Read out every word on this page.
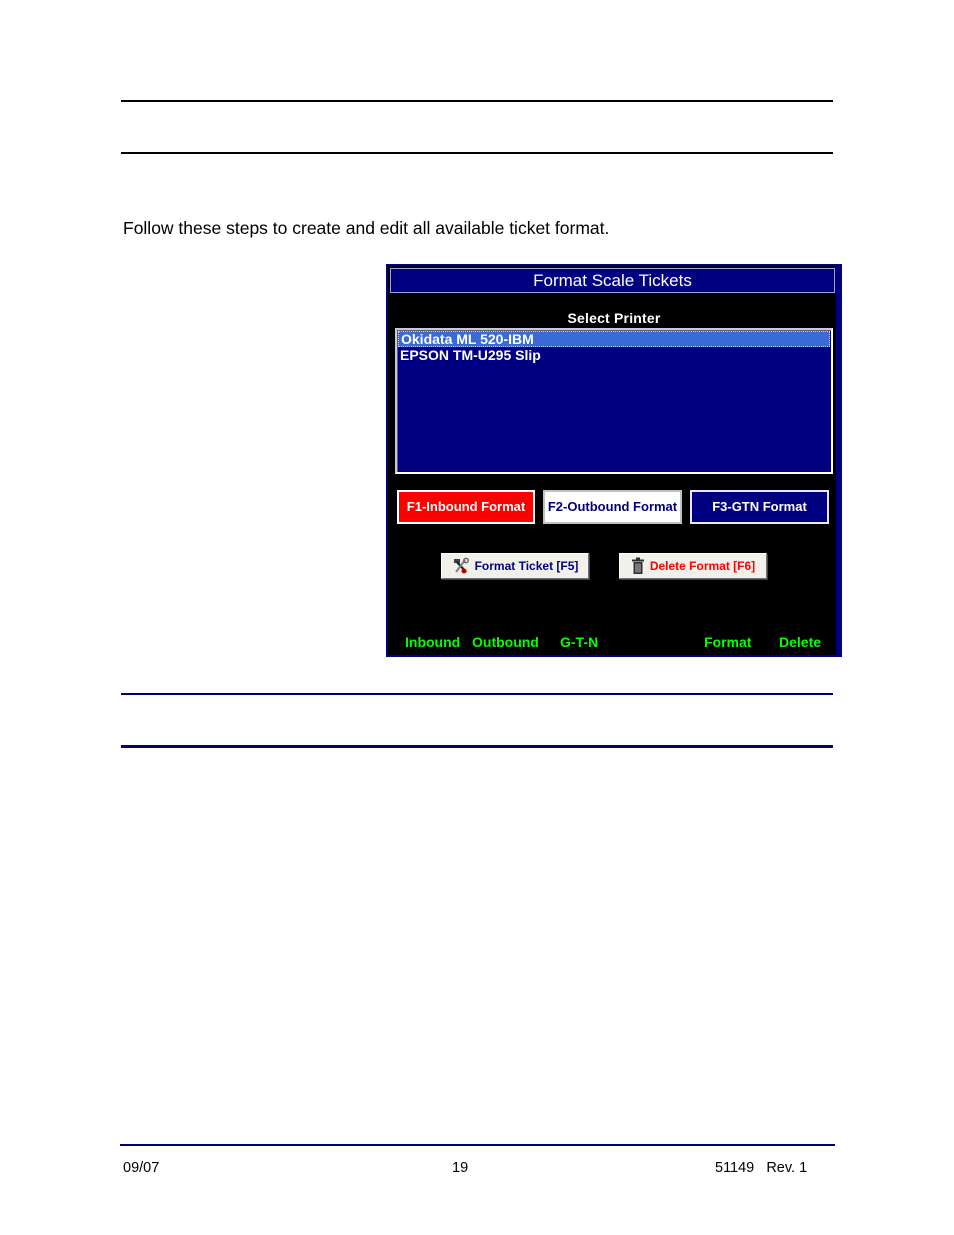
Follow these steps to create and edit all available ticket format.
Format Scale Tickets
Select Printer
Okidata ML 520-IBM
EPSON TM-U295 Slip
F1-Inbound Format	F2-Outbound Format	F3-GTN Format
Format Ticket [F5]	Delete Format [F6]
Inbound Outbound G-T-N	Format Delete
09/07	19	51149   Rev. 1
